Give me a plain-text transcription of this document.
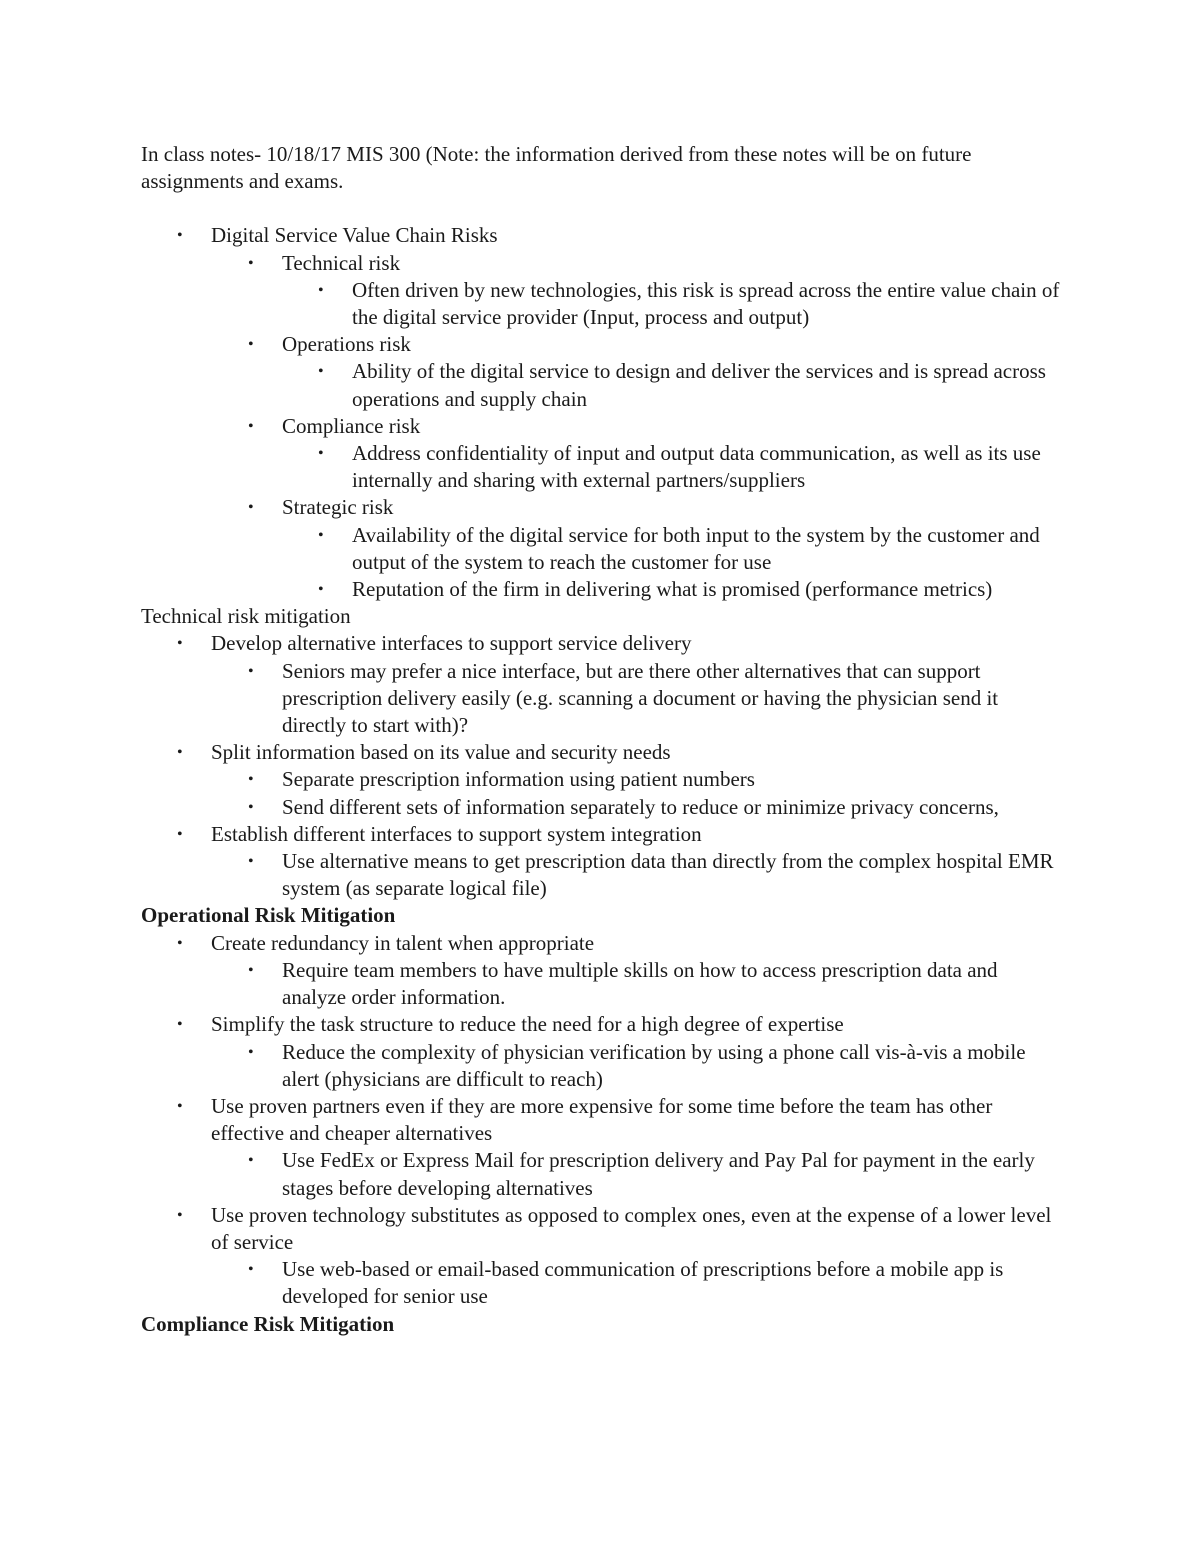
In class notes- 10/18/17 MIS 300 (Note: the information derived from these notes will be on future assignments and exams.

• Digital Service Value Chain Risks
• Technical risk
• Often driven by new technologies, this risk is spread across the entire value chain of the digital service provider (Input, process and output)
• Operations risk
• Ability of the digital service to design and deliver the services and is spread across operations and supply chain
• Compliance risk
• Address confidentiality of input and output data communication, as well as its use internally and sharing with external partners/suppliers
• Strategic risk
• Availability of the digital service for both input to the system by the customer and output of the system to reach the customer for use
• Reputation of the firm in delivering what is promised (performance metrics)

Technical risk mitigation

• Develop alternative interfaces to support service delivery
• Seniors may prefer a nice interface, but are there other alternatives that can support prescription delivery easily (e.g. scanning a document or having the physician send it directly to start with)?
• Split information based on its value and security needs
• Separate prescription information using patient numbers
• Send different sets of information separately to reduce or minimize privacy concerns,
• Establish different interfaces to support system integration
• Use alternative means to get prescription data than directly from the complex hospital EMR system (as separate logical file)

Operational Risk Mitigation

• Create redundancy in talent when appropriate
• Require team members to have multiple skills on how to access prescription data and analyze order information.
• Simplify the task structure to reduce the need for a high degree of expertise
• Reduce the complexity of physician verification by using a phone call vis-à-vis a mobile alert (physicians are difficult to reach)
• Use proven partners even if they are more expensive for some time before the team has other effective and cheaper alternatives
• Use FedEx or Express Mail for prescription delivery and Pay Pal for payment in the early stages before developing alternatives
• Use proven technology substitutes as opposed to complex ones, even at the expense of a lower level of service
• Use web-based or email-based communication of prescriptions before a mobile app is developed for senior use

Compliance Risk Mitigation
